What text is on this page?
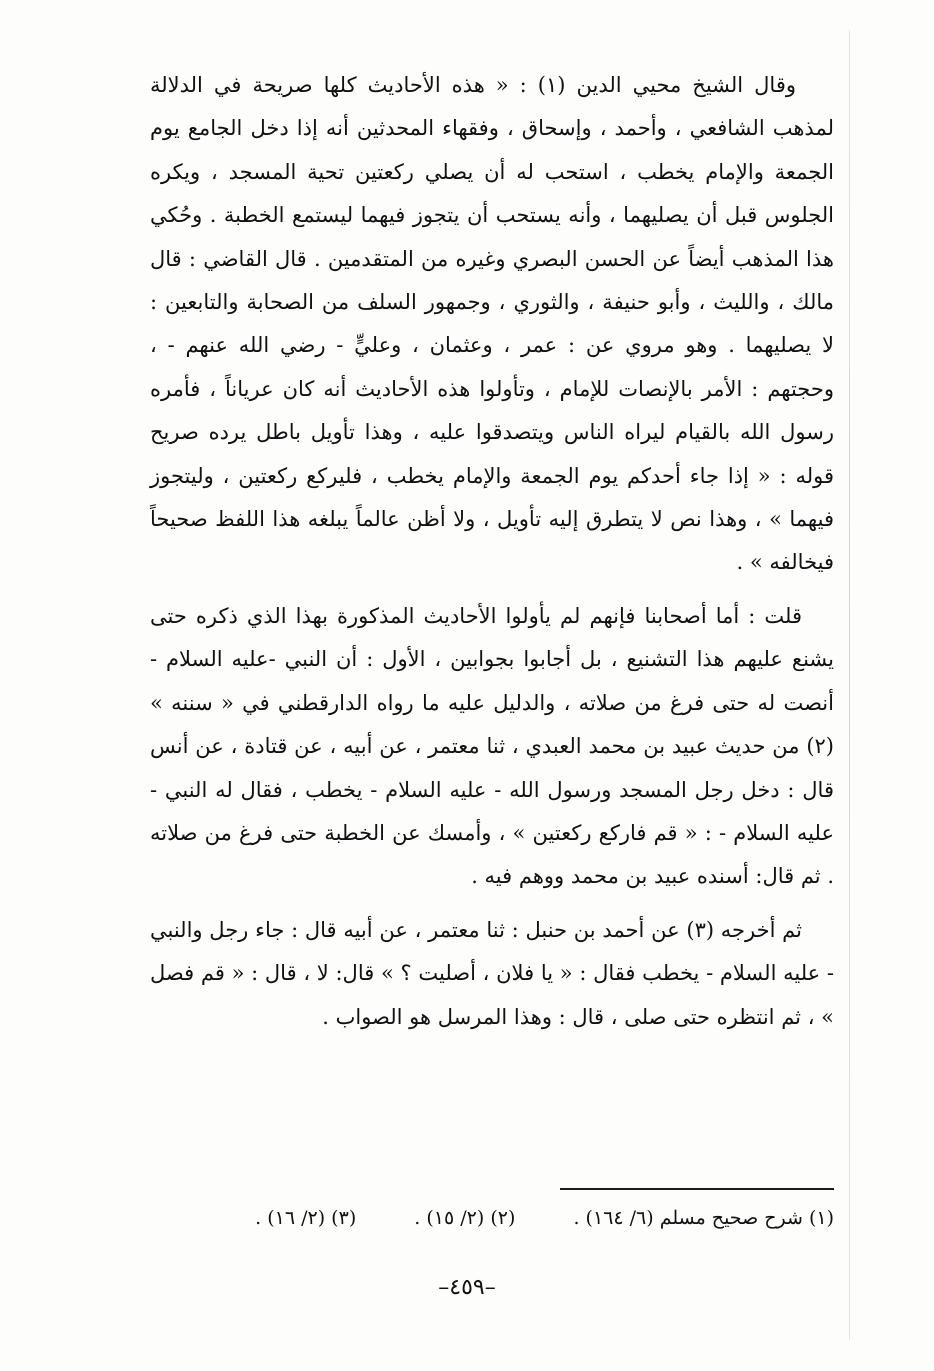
وقال الشيخ محيي الدين (١) : « هذه الأحاديث كلها صريحة في الدلالة لمذهب الشافعي ، وأحمد ، وإسحاق ، وفقهاء المحدثين أنه إذا دخل الجامع يوم الجمعة والإمام يخطب ، استحب له أن يصلي ركعتين تحية المسجد ، ويكره الجلوس قبل أن يصليهما ، وأنه يستحب أن يتجوز فيهما ليستمع الخطبة . وحُكي هذا المذهب أيضاً عن الحسن البصري وغيره من المتقدمين . قال القاضي : قال مالك ، والليث ، وأبو حنيفة ، والثوري ، وجمهور السلف من الصحابة والتابعين : لا يصليهما . وهو مروي عن : عمر ، وعثمان ، وعليٍّ - رضي الله عنهم - ، وحجتهم : الأمر بالإنصات للإمام ، وتأولوا هذه الأحاديث أنه كان عرياناً ، فأمره رسول الله بالقيام ليراه الناس ويتصدقوا عليه ، وهذا تأويل باطل يرده صريح قوله : « إذا جاء أحدكم يوم الجمعة والإمام يخطب ، فليركع ركعتين ، وليتجوز فيهما » ، وهذا نص لا يتطرق إليه تأويل ، ولا أظن عالماً يبلغه هذا اللفظ صحيحاً فيخالفه » .

قلت : أما أصحابنا فإنهم لم يأولوا الأحاديث المذكورة بهذا الذي ذكره حتى يشنع عليهم هذا التشنيع ، بل أجابوا بجوابين ، الأول : أن النبي -عليه السلام - أنصت له حتى فرغ من صلاته ، والدليل عليه ما رواه الدارقطني في « سننه » (٢) من حديث عبيد بن محمد العبدي ، ثنا معتمر ، عن أبيه ، عن قتادة ، عن أنس قال : دخل رجل المسجد ورسول الله - عليه السلام - يخطب ، فقال له النبي - عليه السلام - : « قم فاركع ركعتين » ، وأمسك عن الخطبة حتى فرغ من صلاته . ثم قال: أسنده عبيد بن محمد ووهم فيه .

ثم أخرجه (٣) عن أحمد بن حنبل : ثنا معتمر ، عن أبيه قال : جاء رجل والنبي - عليه السلام - يخطب فقال : « يا فلان ، أصليت ؟ » قال: لا ، قال : « قم فصل » ، ثم انتظره حتى صلى ، قال : وهذا المرسل هو الصواب .

(١) شرح صحيح مسلم (٦/ ١٦٤) . (٢) (٢/ ١٥) . (٣) (٢/ ١٦) .
–٤٥٩–
